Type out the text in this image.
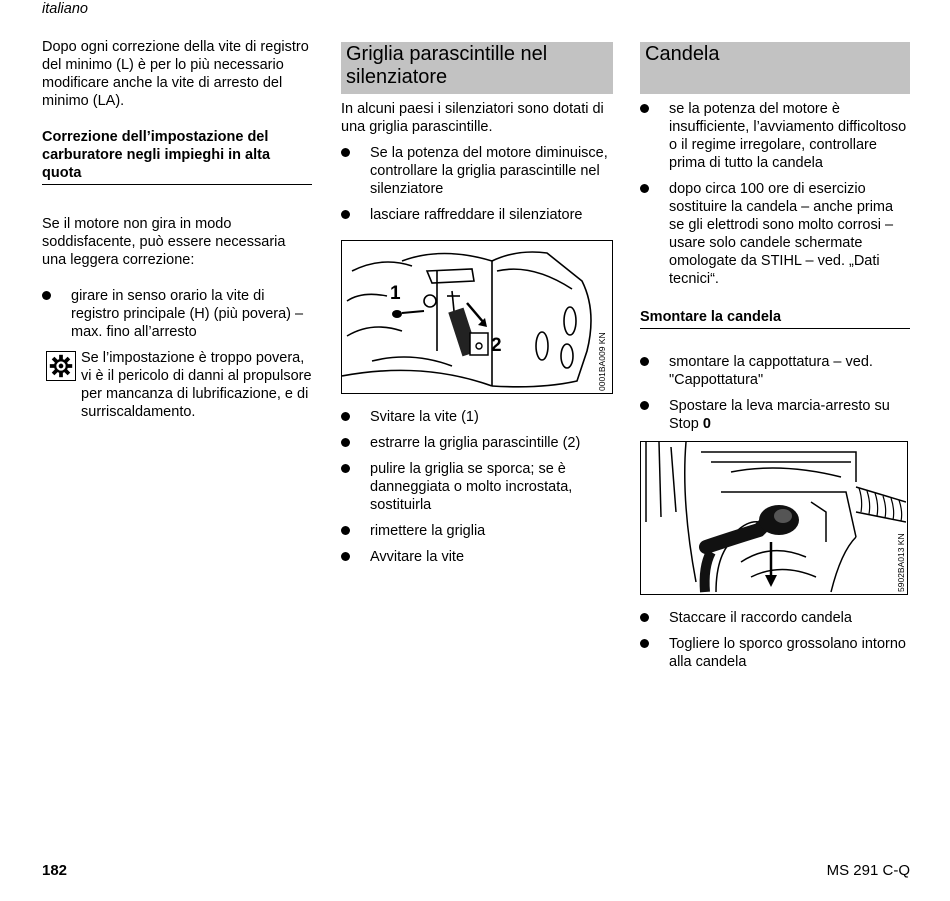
italiano

Dopo ogni correzione della vite di registro del minimo (L) è per lo più necessario modificare anche la vite di arresto del minimo (LA).

Correzione dell’impostazione del carburatore negli impieghi in alta quota

Se il motore non gira in modo soddisfacente, può essere necessaria una leggera correzione:

girare in senso orario la vite di registro principale (H) (più povera) – max. fino all’arresto
Se l’impostazione è troppo povera, vi è il pericolo di danni al propulsore per mancanza di lubrificazione, e di surriscaldamento.
Griglia parascintille nel silenziatore

In alcuni paesi i silenziatori sono dotati di una griglia parascintille.

Se la potenza del motore diminuisce, controllare la griglia parascintille nel silenziatore
lasciare raffreddare il silenziatore
1
2	0001BA009 KN
Svitare la vite (1)
estrarre la griglia parascintille (2)
pulire la griglia se sporca; se è danneggiata o molto incrostata, sostituirla
rimettere la griglia
Avvitare la vite
Candela
se la potenza del motore è insufficiente, l’avviamento difficoltoso o il regime irregolare, controllare prima di tutto la candela
dopo circa 100 ore di esercizio sostituire la candela – anche prima se gli elettrodi sono molto corrosi – usare solo candele schermate omologate da STIHL – ved. „Dati tecnici“.
Smontare la candela
smontare la cappottatura – ved. "Cappottatura"
Spostare la leva marcia-arresto su Stop 0
5902BA013 KN
Staccare il raccordo candela
Togliere lo sporco grossolano intorno alla candela
182	MS 291 C-Q
